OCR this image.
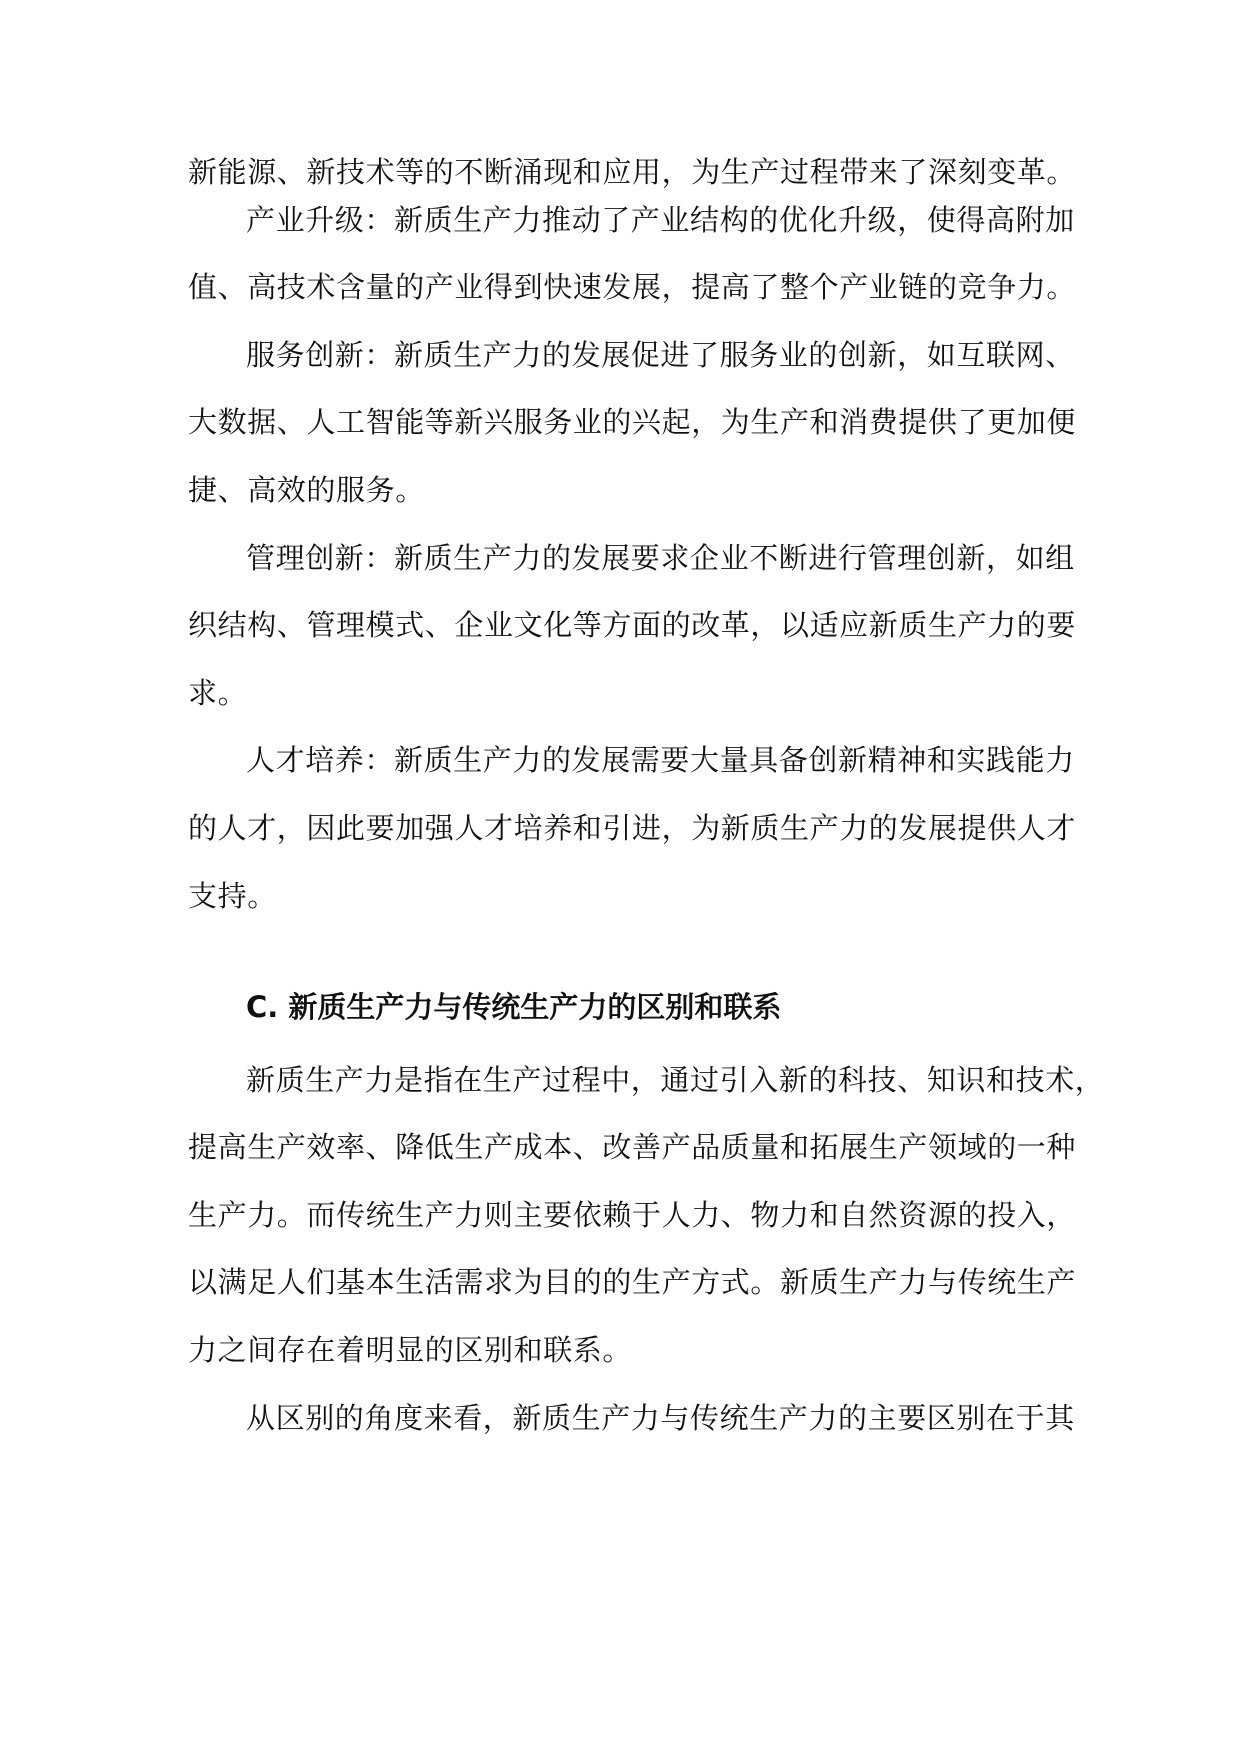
新能源、新技术等的不断涌现和应用，为生产过程带来了深刻变革。
产业升级：新质生产力推动了产业结构的优化升级，使得高附加
值、高技术含量的产业得到快速发展，提高了整个产业链的竞争力。
服务创新：新质生产力的发展促进了服务业的创新，如互联网、
大数据、人工智能等新兴服务业的兴起，为生产和消费提供了更加便
捷、高效的服务。
管理创新：新质生产力的发展要求企业不断进行管理创新，如组
织结构、管理模式、企业文化等方面的改革，以适应新质生产力的要
求。
人才培养：新质生产力的发展需要大量具备创新精神和实践能力
的人才，因此要加强人才培养和引进，为新质生产力的发展提供人才
支持。
C. 新质生产力与传统生产力的区别和联系
新质生产力是指在生产过程中，通过引入新的科技、知识和技术，
提高生产效率、降低生产成本、改善产品质量和拓展生产领域的一种
生产力。而传统生产力则主要依赖于人力、物力和自然资源的投入，
以满足人们基本生活需求为目的的生产方式。新质生产力与传统生产
力之间存在着明显的区别和联系。
从区别的角度来看，新质生产力与传统生产力的主要区别在于其
